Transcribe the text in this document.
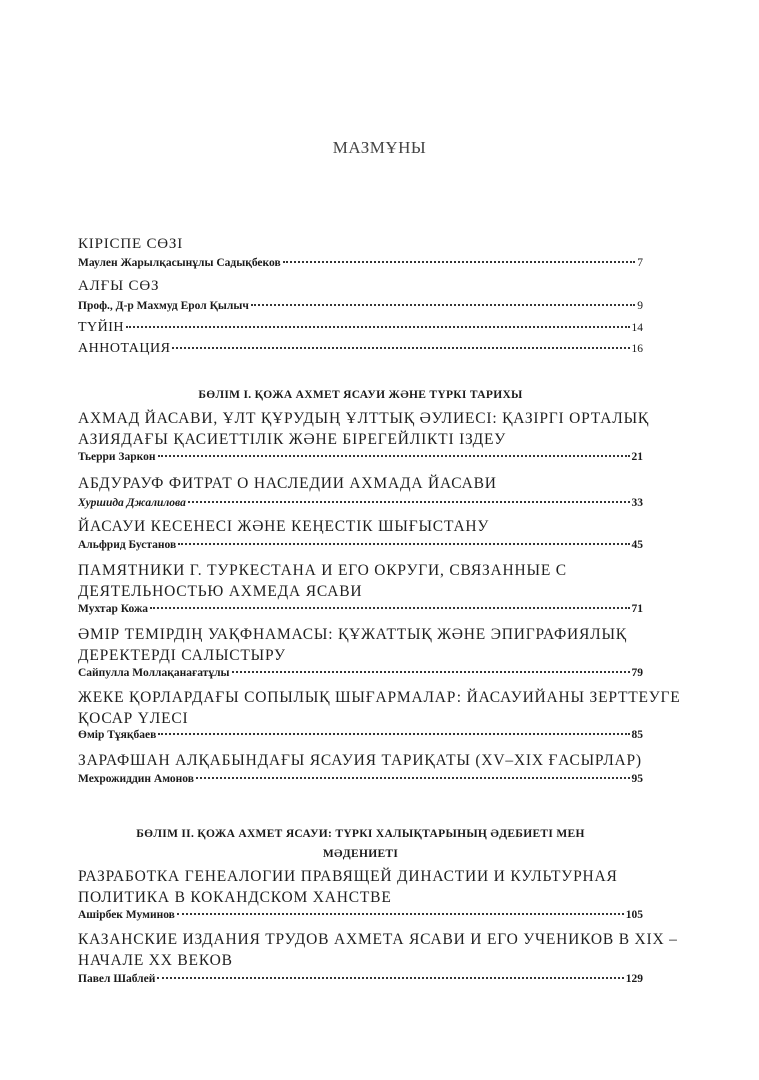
МАЗМҰНЫ
КІРІСПЕ СӨЗІ
Маулен Жарылқасынұлы Садықбеков	7
АЛҒЫ СӨЗ
Проф., Д-р Махмуд Ерол Қылыч	9
ТҮЙІН	14
АННОТАЦИЯ	16
БӨЛІМ І. ҚОЖА АХМЕТ ЯСАУИ ЖӘНЕ ТҮРКІ ТАРИХЫ
АХМАД ЙАСАВИ, ҰЛТ ҚҰРУДЫҢ ҰЛТТЫҚ ӘУЛИЕСІ: ҚАЗІРГІ ОРТАЛЫҚ
АЗИЯДАҒЫ ҚАСИЕТТІЛІК ЖӘНЕ БІРЕГЕЙЛІКТІ ІЗДЕУ
Тьерри Заркон	21
АБДУРАУФ ФИТРАТ О НАСЛЕДИИ АХМАДА ЙАСАВИ
Хуршида Джалилова	33
ЙАСАУИ КЕСЕНЕСІ ЖӘНЕ КЕҢЕСТІК ШЫҒЫСТАНУ
Альфрид Бустанов	45
ПАМЯТНИКИ Г. ТУРКЕСТАНА И ЕГО ОКРУГИ, СВЯЗАННЫЕ С
ДЕЯТЕЛЬНОСТЬЮ АХМЕДА ЯСАВИ
Мухтар Кожа	71
ӘМІР ТЕМІРДІҢ УАҚФНАМАСЫ: ҚҰЖАТТЫҚ ЖӘНЕ ЭПИГРАФИЯЛЫҚ
ДЕРЕКТЕРДІ САЛЫСТЫРУ
Сайпулла Моллақанағатұлы	79
ЖЕКЕ ҚОРЛАРДАҒЫ СОПЫЛЫҚ ШЫҒАРМАЛАР: ЙАСАУИЙАНЫ ЗЕРТТЕУГЕ
ҚОСАР ҮЛЕСІ
Өмір Тұяқбаев	85
ЗАРАФШАН АЛҚАБЫНДАҒЫ ЯСАУИЯ ТАРИҚАТЫ (XV–XIX ҒАСЫРЛАР)
Мехрожиддин Амонов	95
БӨЛІМ ІІ. ҚОЖА АХМЕТ ЯСАУИ: ТҮРКІ ХАЛЫҚТАРЫНЫҢ ӘДЕБИЕТІ МЕН
МӘДЕНИЕТІ
РАЗРАБОТКА ГЕНЕАЛОГИИ ПРАВЯЩЕЙ ДИНАСТИИ И КУЛЬТУРНАЯ
ПОЛИТИКА В КОКАНДСКОМ ХАНСТВЕ
Ашірбек Муминов	105
КАЗАНСКИЕ ИЗДАНИЯ ТРУДОВ АХМЕТА ЯСАВИ И ЕГО УЧЕНИКОВ В XIX –
НАЧАЛЕ XX ВЕКОВ
Павел Шаблей	129
